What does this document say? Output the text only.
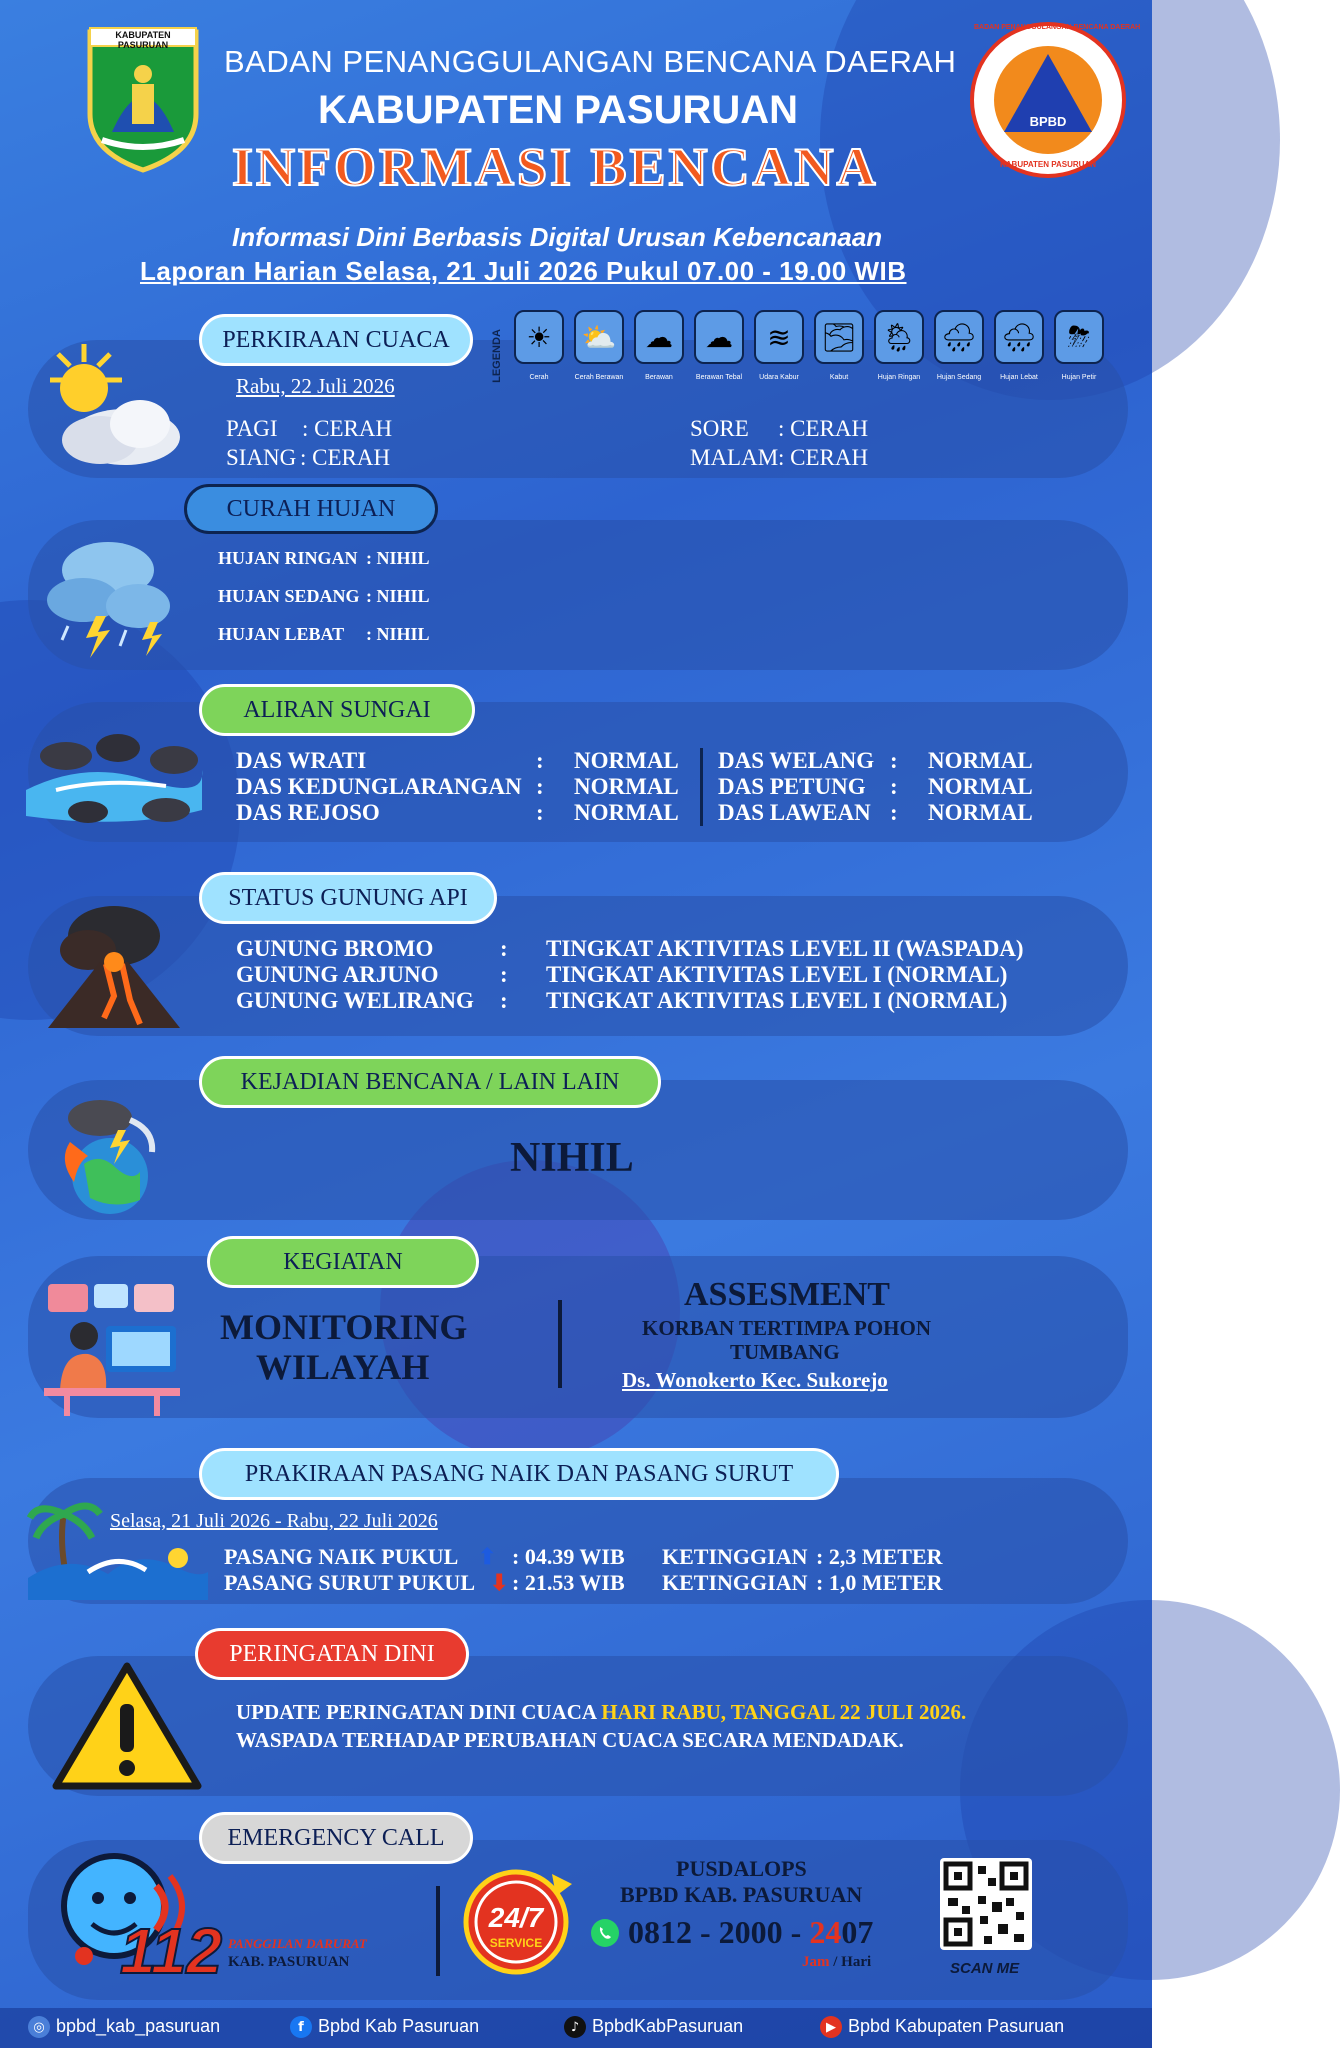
KABUPATEN PASURUAN	BADAN PENANGGULANGAN BENCANA DAERAH
KABUPATEN PASURUAN
INFORMASI BENCANA
BADAN PENANGGULANGAN BENCANA DAERAH
BPBD
KABUPATEN PASURUAN
Informasi Dini Berbasis Digital Urusan Kebencanaan
Laporan Harian Selasa, 21 Juli 2026 Pukul 07.00 - 19.00 WIB
PERKIRAAN CUACA
Rabu, 22 Juli 2026
LEGENDA ☀
Cerah
⛅
Cerah Berawan
☁
Berawan
☁
Berawan Tebal
≋
Udara Kabur
🌫
Kabut
🌦
Hujan Ringan
🌧
Hujan Sedang
🌧
Hujan Lebat
⛈
Hujan Petir
PAGI : CERAH
SIANG : CERAH
SORE : CERAH
MALAM : CERAH
CURAH HUJAN
HUJAN RINGAN : NIHIL
HUJAN SEDANG : NIHIL
HUJAN LEBAT : NIHIL
ALIRAN SUNGAI
DAS WRATI	: NORMAL
DAS KEDUNGLARANGAN : NORMAL
DAS REJOSO	: NORMAL
DAS WELANG : NORMAL
DAS PETUNG : NORMAL
DAS LAWEAN : NORMAL
STATUS GUNUNG API
GUNUNG BROMO	: TINGKAT AKTIVITAS LEVEL II (WASPADA)
GUNUNG ARJUNO	: TINGKAT AKTIVITAS LEVEL I (NORMAL)
GUNUNG WELIRANG : TINGKAT AKTIVITAS LEVEL I (NORMAL)
KEJADIAN BENCANA / LAIN LAIN
NIHIL
KEGIATAN
MONITORING
WILAYAH
ASSESMENT
KORBAN TERTIMPA POHON
TUMBANG
Ds. Wonokerto Kec. Sukorejo
PRAKIRAAN PASANG NAIK DAN PASANG SURUT
Selasa, 21 Juli 2026 - Rabu, 22 Juli 2026
PASANG NAIK PUKUL ⬆ : 04.39 WIB KETINGGIAN : 2,3 METER
PASANG SURUT PUKUL ⬇ : 21.53 WIB KETINGGIAN : 1,0 METER
PERINGATAN DINI
UPDATE PERINGATAN DINI CUACA HARI RABU, TANGGAL 22 JULI 2026.
WASPADA TERHADAP PERUBAHAN CUACA SECARA MENDADAK.
EMERGENCY CALL
112 PANGGILAN DARURAT
KAB. PASURUAN
24/7
SERVICE
PUSDALOPS
BPBD KAB. PASURUAN
0812 - 2000 - 2407
Jam / Hari	SCAN ME
◎ bpbd_kab_pasuruan	f Bpbd Kab Pasuruan	♪ BpbdKabPasuruan	▶ Bpbd Kabupaten Pasuruan
